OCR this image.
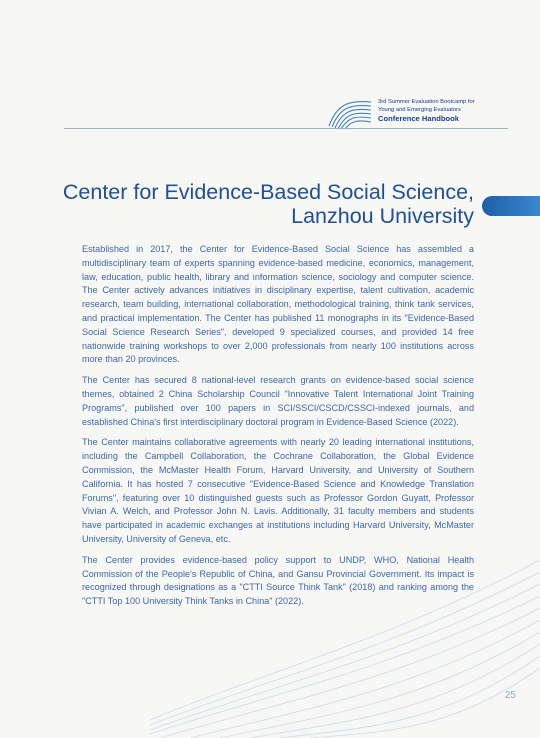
3rd Summer Evaluation Bootcamp for
Young and Emerging Evaluators
Conference Handbook
Center for Evidence-Based Social Science,
Lanzhou University

Established in 2017, the Center for Evidence-Based Social Science has assembled a multidisciplinary team of experts spanning evidence-based medicine, economics, management, law, education, public health, library and information science, sociology and computer science. The Center actively advances initiatives in disciplinary expertise, talent cultivation, academic research, team building, international collaboration, methodological training, think tank services, and practical implementation. The Center has published 11 monographs in its "Evidence-Based Social Science Research Series", developed 9 specialized courses, and provided 14 free nationwide training workshops to over 2,000 professionals from nearly 100 institutions across more than 20 provinces.

The Center has secured 8 national-level research grants on evidence-based social science themes, obtained 2 China Scholarship Council "Innovative Talent International Joint Training Programs", published over 100 papers in SCI/SSCI/CSCD/CSSCI-indexed journals, and established China's first interdisciplinary doctoral program in Evidence-Based Science (2022).

The Center maintains collaborative agreements with nearly 20 leading international institutions, including the Campbell Collaboration, the Cochrane Collaboration, the Global Evidence Commission, the McMaster Health Forum, Harvard University, and University of Southern California. It has hosted 7 consecutive "Evidence-Based Science and Knowledge Translation Forums", featuring over 10 distinguished guests such as Professor Gordon Guyatt, Professor Vivian A. Welch, and Professor John N. Lavis. Additionally, 31 faculty members and students have participated in academic exchanges at institutions including Harvard University, McMaster University, University of Geneva, etc.

The Center provides evidence-based policy support to UNDP, WHO, National Health Commission of the People's Republic of China, and Gansu Provincial Government. Its impact is recognized through designations as a "CTTI Source Think Tank" (2018) and ranking among the "CTTI Top 100 University Think Tanks in China" (2022).

25
